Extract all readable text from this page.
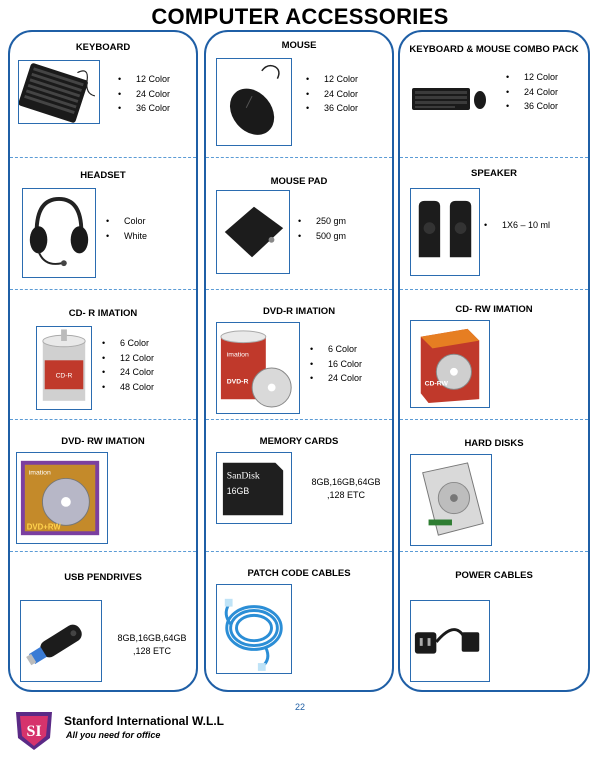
COMPUTER ACCESSORIES
KEYBOARD
• 12 Color
• 24 Color
• 36 Color
HEADSET
• Color
• White
CD- R IMATION
CD-R
• 6 Color
• 12 Color
• 24 Color
• 48 Color
DVD- RW IMATION
imation
DVD+RW
USB PENDRIVES
8GB,16GB,64GB
,128 ETC
MOUSE
• 12 Color
• 24 Color
• 36 Color
MOUSE PAD
• 250 gm
• 500 gm
DVD-R IMATION
imation
DVD-R
• 6 Color
• 16 Color
• 24 Color
MEMORY CARDS
SanDisk
16GB
8GB,16GB,64GB
,128 ETC
PATCH CODE CABLES
KEYBOARD & MOUSE COMBO PACK
• 12 Color
• 24 Color
• 36 Color
SPEAKER
• 1X6 – 10 ml
CD- RW IMATION
CD-RW
HARD DISKS
POWER CABLES
22
SI
Stanford International W.L.L
All you need for office
